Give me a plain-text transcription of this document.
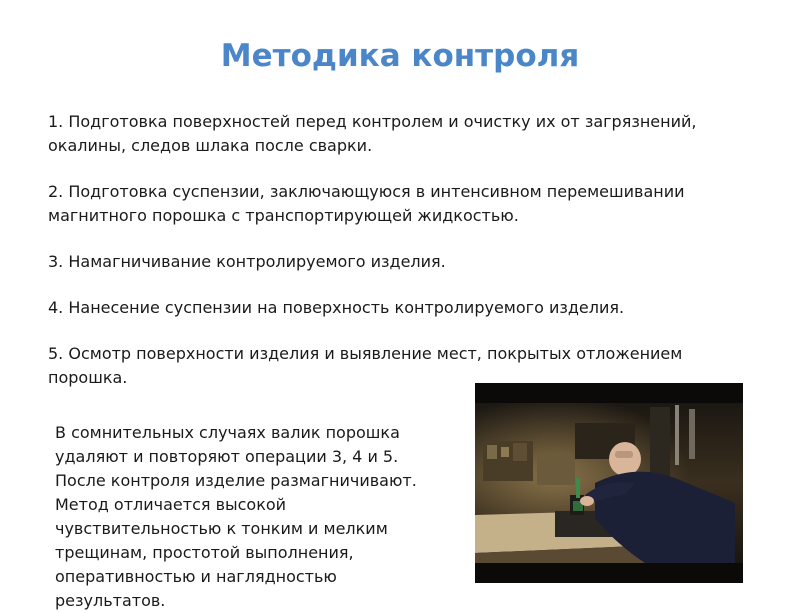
Методика контроля
1. Подготовка поверхностей перед контролем и очистку их от загрязнений, окалины, следов шлака после сварки.
2. Подготовка суспензии, заключающуюся в интенсивном перемешивании магнитного порошка с транспортирующей жидкостью.
3. Намагничивание контролируемого изделия.
4. Нанесение суспензии на поверхность контролируемого изделия.
5. Осмотр поверхности изделия и выявление мест, покрытых отложением порошка.

В сомнительных случаях валик порошка
удаляют и повторяют операции 3, 4 и 5.
После контроля изделие размагничивают.
Метод отличается высокой
чувствительностью к тонким и мелким
трещинам, простотой выполнения,
оперативностью и наглядностью
результатов.
